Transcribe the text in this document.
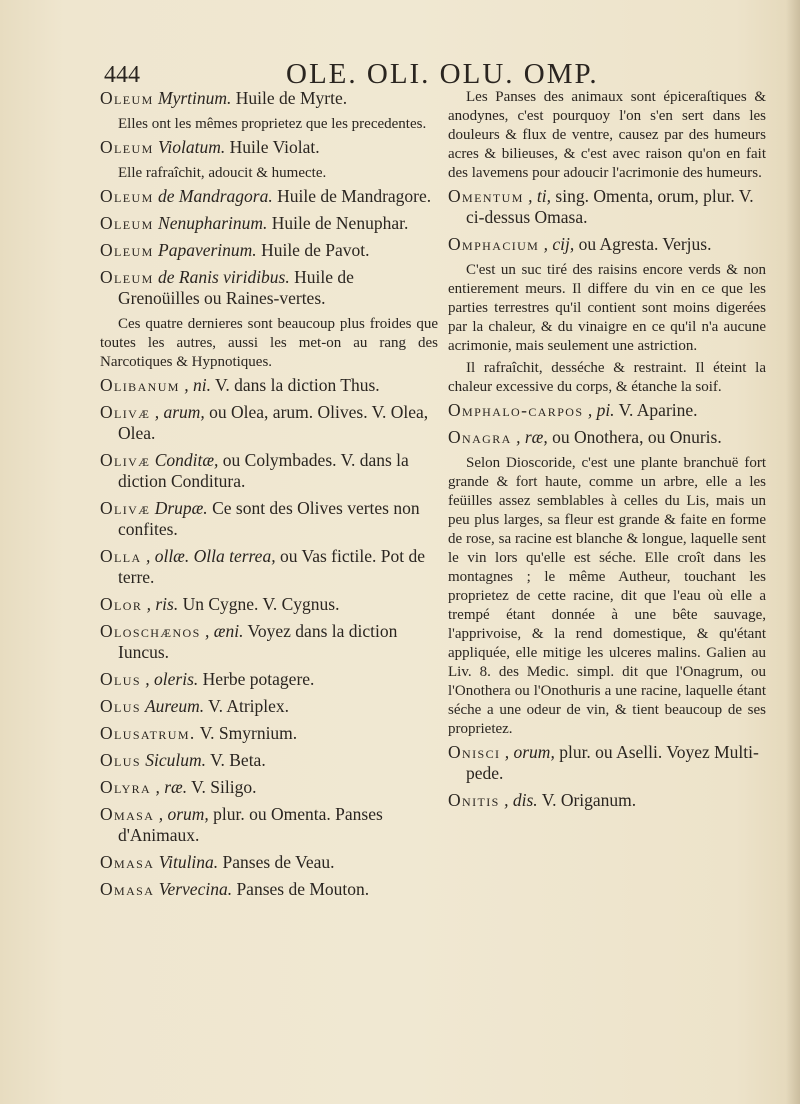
444	OLE. OLI. OLU. OMP.
Oleum Myrtinum. Huile de Myrte.
Elles ont les mêmes proprietez que les precedentes.
Oleum Violatum. Huile Violat.
Elle rafraîchit, adoucit & humecte.
Oleum de Mandragora. Huile de Mandragore.
Oleum Nenupharinum. Huile de Nenuphar.
Oleum Papaverinum. Huile de Pavot.
Oleum de Ranis viridibus. Huile de Grenoüilles ou Raines-vertes.
Ces quatre dernieres sont beaucoup plus froides que toutes les autres, aussi les met-on au rang des Narcotiques & Hypnotiques.
Olibanum , ni. V. dans la diction Thus.
Olivæ , arum, ou Olea, arum. Olives. V. Olea, Olea.
Olivæ Conditæ, ou Colymbades. V. dans la diction Conditura.
Olivæ Drupæ. Ce sont des Olives vertes non confites.
Olla , ollæ. Olla terrea, ou Vas fictile. Pot de terre.
Olor , ris. Un Cygne. V. Cygnus.
Oloschænos , æni. Voyez dans la diction Iuncus.
Olus , oleris. Herbe potagere.
Olus Aureum. V. Atriplex.
Olusatrum. V. Smyrnium.
Olus Siculum. V. Beta.
Olyra , ræ. V. Siligo.
Omasa , orum, plur. ou Omenta. Panses d'Animaux.
Omasa Vitulina. Panses de Veau.
Omasa Vervecina. Panses de Mouton.
Les Panses des animaux sont épiceraſtiques & anodynes, c'est pourquoy l'on s'en sert dans les douleurs & flux de ventre, causez par des humeurs acres & bilieuses, & c'est avec raison qu'on en fait des lavemens pour adoucir l'acrimonie des humeurs.
Omentum , ti, sing. Omenta, orum, plur. V. ci-dessus Omasa.
Omphacium , cij, ou Agresta. Verjus.
C'est un suc tiré des raisins encore verds & non entierement meurs. Il differe du vin en ce que les parties terrestres qu'il contient sont moins digerées par la chaleur, & du vinaigre en ce qu'il n'a aucune acrimonie, mais seulement une astriction.
Il rafraîchit, desséche & restraint. Il éteint la chaleur excessive du corps, & étanche la soif.
Omphalo-carpos , pi. V. Aparine.
Onagra , ræ, ou Onothera, ou Onuris.
Selon Dioscoride, c'est une plante branchuë fort grande & fort haute, comme un arbre, elle a les feüilles assez semblables à celles du Lis, mais un peu plus larges, sa fleur est grande & faite en forme de rose, sa racine est blanche & longue, laquelle sent le vin lors qu'elle est séche. Elle croît dans les montagnes ; le même Autheur, touchant les proprietez de cette racine, dit que l'eau où elle a trempé étant donnée à une bête sauvage, l'apprivoise, & la rend domestique, & qu'étant appliquée, elle mitige les ulceres malins. Galien au Liv. 8. des Medic. simpl. dit que l'Onagrum, ou l'Onothera ou l'Onothuris a une racine, laquelle étant séche a une odeur de vin, & tient beaucoup de ses proprietez.
Onisci , orum, plur. ou Aselli. Voyez Multi-pede.
Onitis , dis. V. Origanum.
